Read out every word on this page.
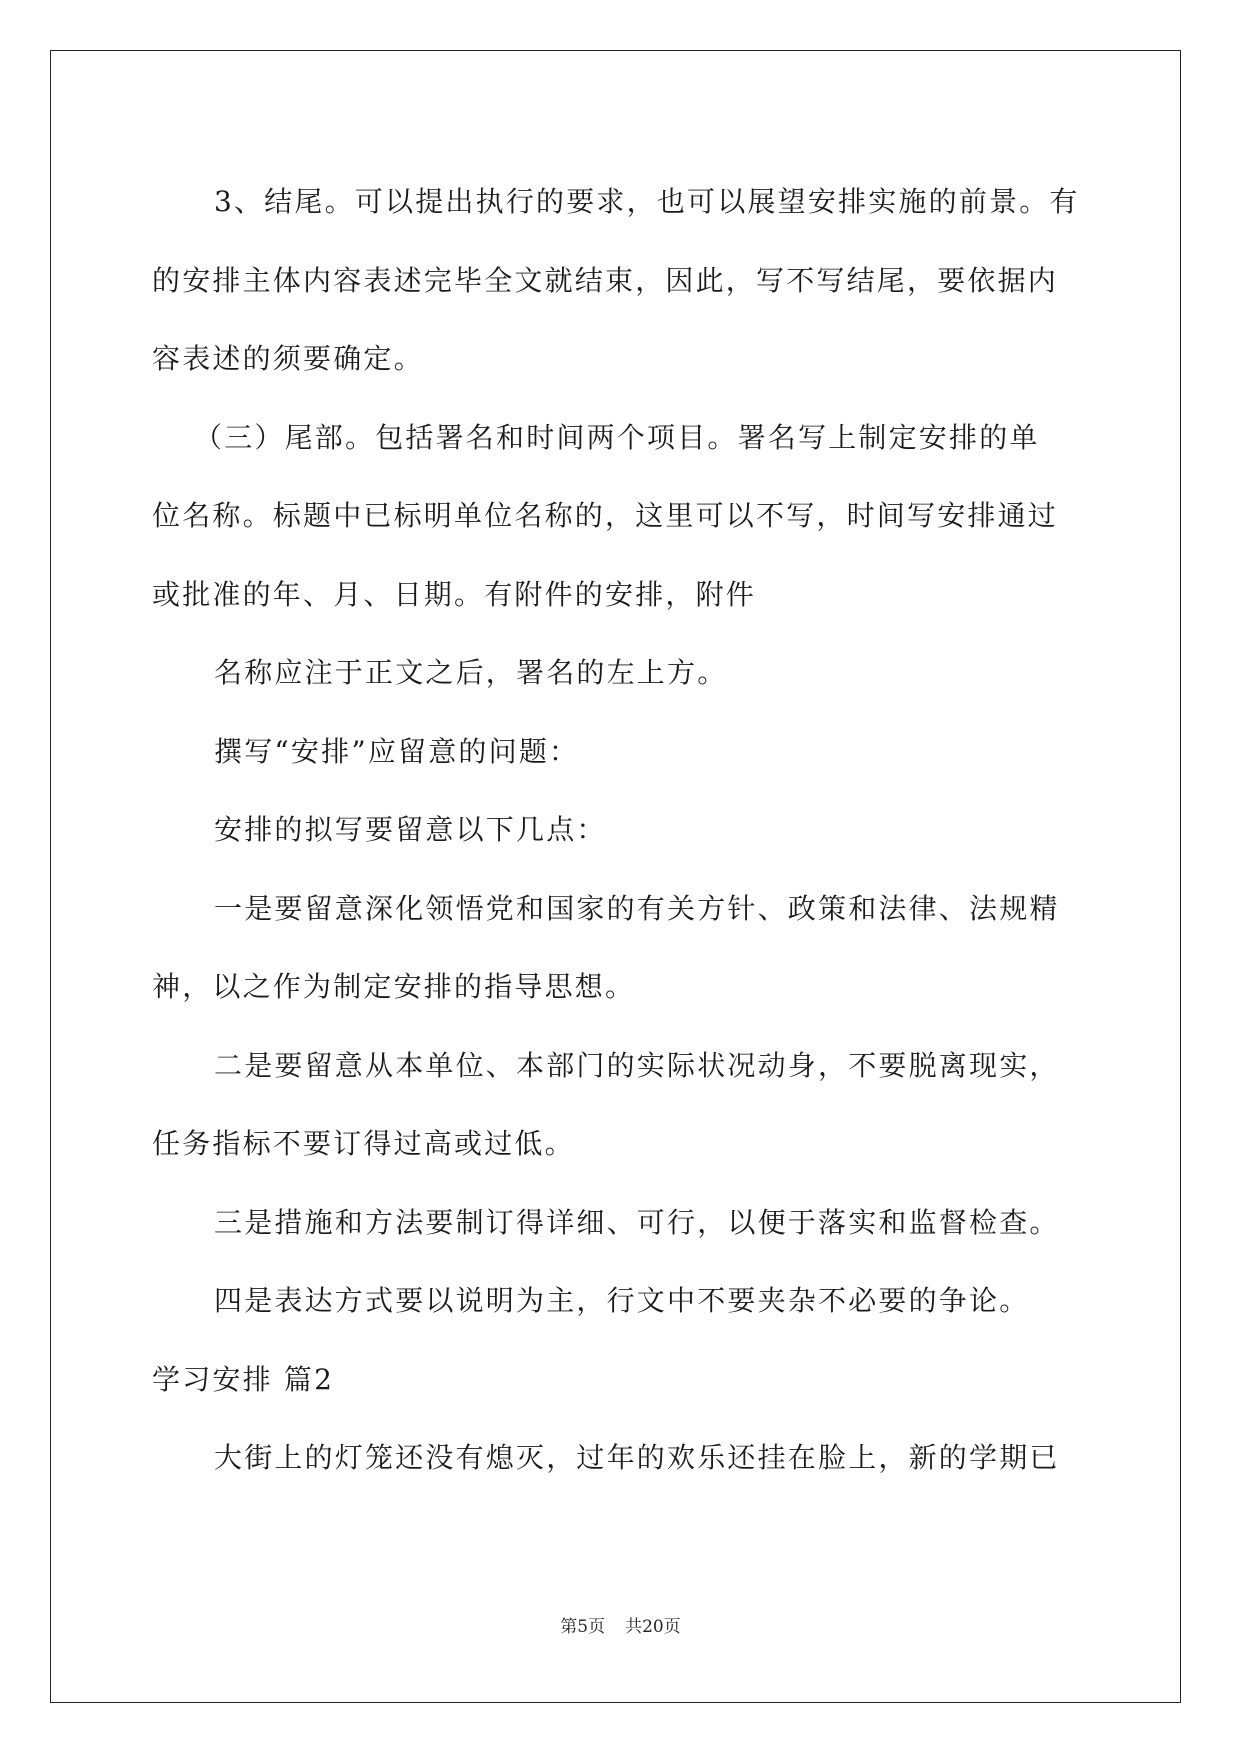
3、结尾。可以提出执行的要求，也可以展望安排实施的前景。有
的安排主体内容表述完毕全文就结束，因此，写不写结尾，要依据内
容表述的须要确定。
（三）尾部。包括署名和时间两个项目。署名写上制定安排的单
位名称。标题中已标明单位名称的，这里可以不写，时间写安排通过
或批准的年、月、日期。有附件的安排，附件
名称应注于正文之后，署名的左上方。
撰写“安排”应留意的问题：
安排的拟写要留意以下几点：
一是要留意深化领悟党和国家的有关方针、政策和法律、法规精
神，以之作为制定安排的指导思想。
二是要留意从本单位、本部门的实际状况动身，不要脱离现实，
任务指标不要订得过高或过低。
三是措施和方法要制订得详细、可行，以便于落实和监督检查。
四是表达方式要以说明为主，行文中不要夹杂不必要的争论。
学习安排 篇2
大街上的灯笼还没有熄灭，过年的欢乐还挂在脸上，新的学期已
第5页 共20页
